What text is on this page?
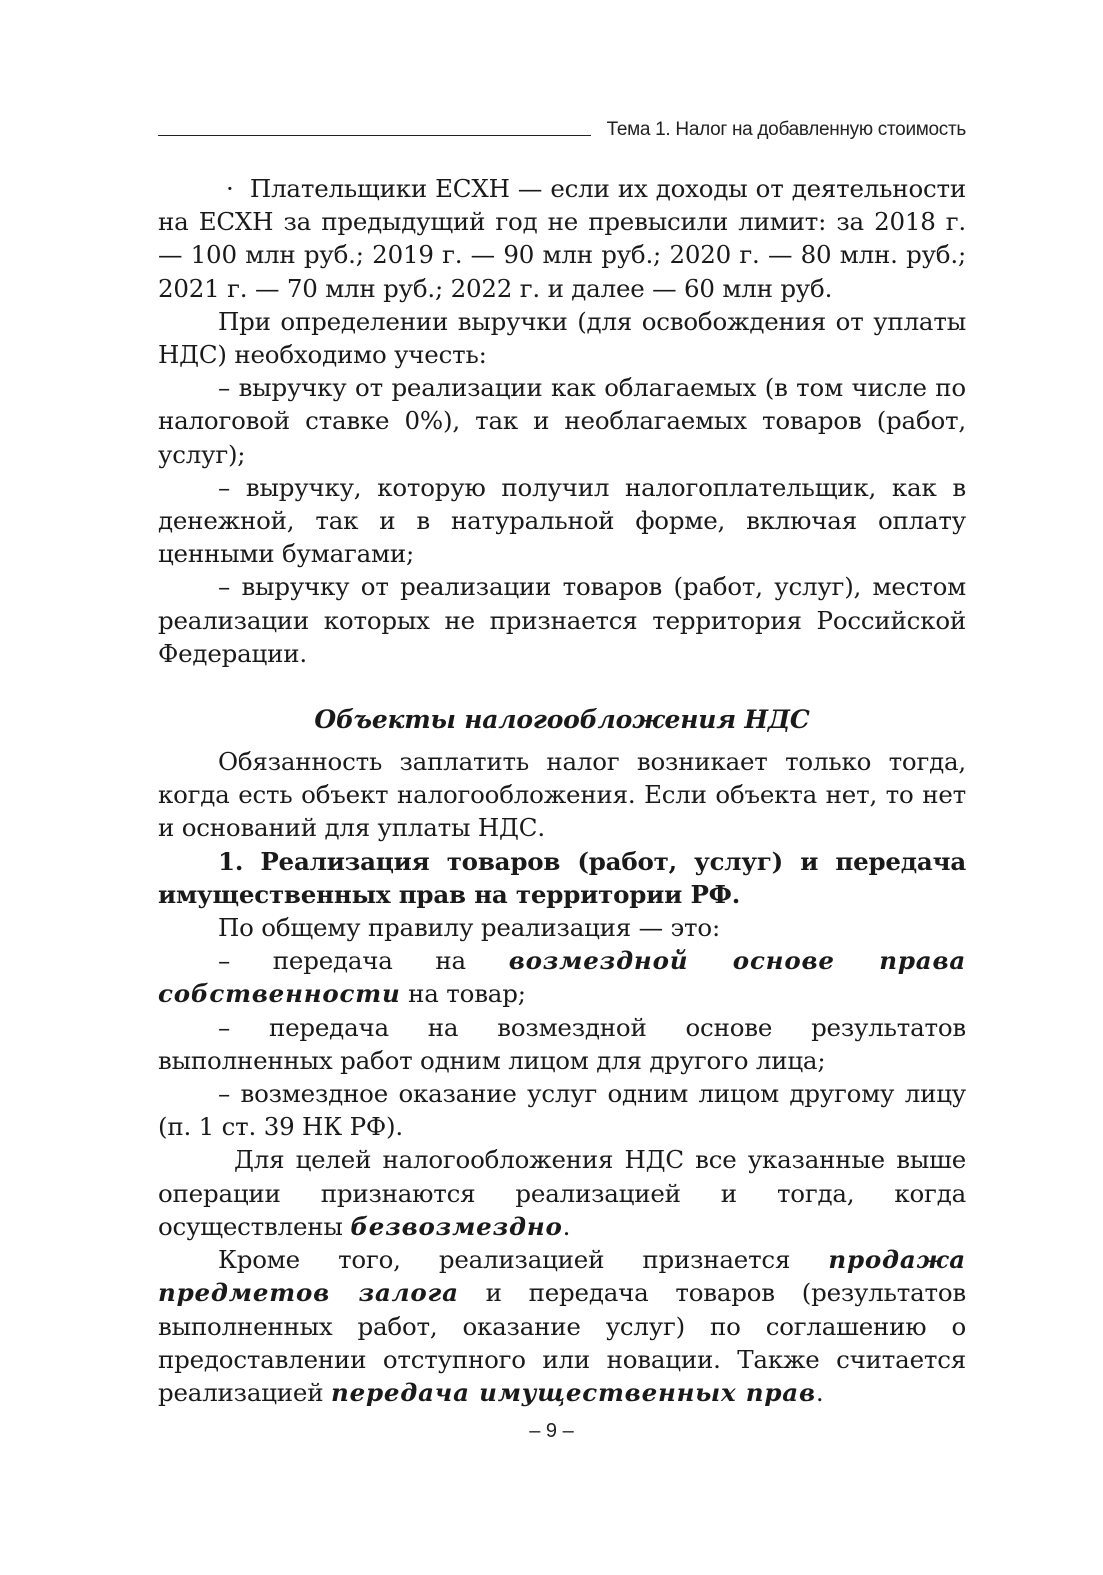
Тема 1. Налог на добавленную стоимость

· Плательщики ЕСХН — если их доходы от деятельности на ЕСХН за предыдущий год не превысили лимит: за 2018 г. — 100 млн руб.; 2019 г. — 90 млн руб.; 2020 г. — 80 млн. руб.; 2021 г. — 70 млн руб.; 2022 г. и далее — 60 млн руб.

При определении выручки (для освобождения от уплаты НДС) необходимо учесть:

– выручку от реализации как облагаемых (в том числе по налоговой ставке 0%), так и необлагаемых товаров (работ, услуг);

– выручку, которую получил налогоплательщик, как в денежной, так и в натуральной форме, включая оплату ценными бумагами;

– выручку от реализации товаров (работ, услуг), местом реализации которых не признается территория Российской Федерации.

Объекты налогообложения НДС

Обязанность заплатить налог возникает только тогда, когда есть объект налогообложения. Если объекта нет, то нет и оснований для уплаты НДС.

1. Реализация товаров (работ, услуг) и передача имущественных прав на территории РФ.

По общему правилу реализация — это:

– передача на возмездной основе права собственности на товар;

– передача на возмездной основе результатов выполненных работ одним лицом для другого лица;

– возмездное оказание услуг одним лицом другому лицу (п. 1 ст. 39 НК РФ).

Для целей налогообложения НДС все указанные выше операции признаются реализацией и тогда, когда осуществлены безвозмездно.

Кроме того, реализацией признается продажа предметов залога и передача товаров (результатов выполненных работ, оказание услуг) по соглашению о предоставлении отступного или новации. Также считается реализацией передача имущественных прав.

– 9 –
